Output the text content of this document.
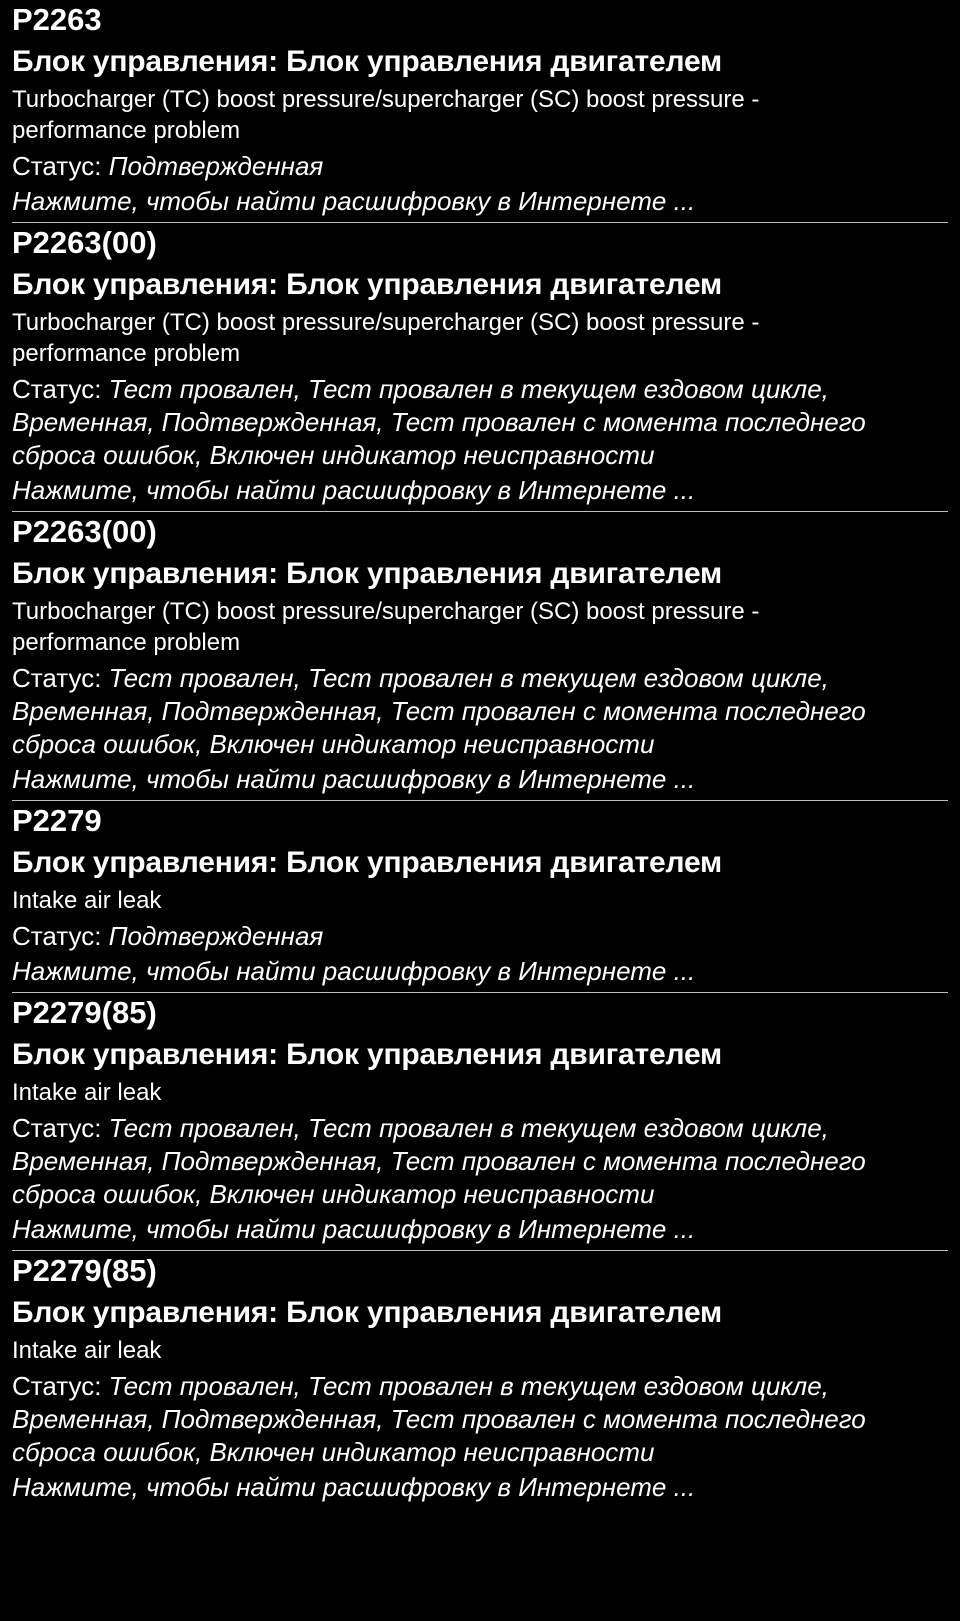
P2263
Блок управления: Блок управления двигателем
Turbocharger (TC) boost pressure/supercharger (SC) boost pressure - performance problem
Статус: Подтвержденная
Нажмите, чтобы найти расшифровку в Интернете ...
P2263(00)
Блок управления: Блок управления двигателем
Turbocharger (TC) boost pressure/supercharger (SC) boost pressure - performance problem
Статус: Тест провален, Тест провален в текущем ездовом цикле, Временная, Подтвержденная, Тест провален с момента последнего сброса ошибок, Включен индикатор неисправности
Нажмите, чтобы найти расшифровку в Интернете ...
P2263(00)
Блок управления: Блок управления двигателем
Turbocharger (TC) boost pressure/supercharger (SC) boost pressure - performance problem
Статус: Тест провален, Тест провален в текущем ездовом цикле, Временная, Подтвержденная, Тест провален с момента последнего сброса ошибок, Включен индикатор неисправности
Нажмите, чтобы найти расшифровку в Интернете ...
P2279
Блок управления: Блок управления двигателем
Intake air leak
Статус: Подтвержденная
Нажмите, чтобы найти расшифровку в Интернете ...
P2279(85)
Блок управления: Блок управления двигателем
Intake air leak
Статус: Тест провален, Тест провален в текущем ездовом цикле, Временная, Подтвержденная, Тест провален с момента последнего сброса ошибок, Включен индикатор неисправности
Нажмите, чтобы найти расшифровку в Интернете ...
P2279(85)
Блок управления: Блок управления двигателем
Intake air leak
Статус: Тест провален, Тест провален в текущем ездовом цикле, Временная, Подтвержденная, Тест провален с момента последнего сброса ошибок, Включен индикатор неисправности
Нажмите, чтобы найти расшифровку в Интернете ...
